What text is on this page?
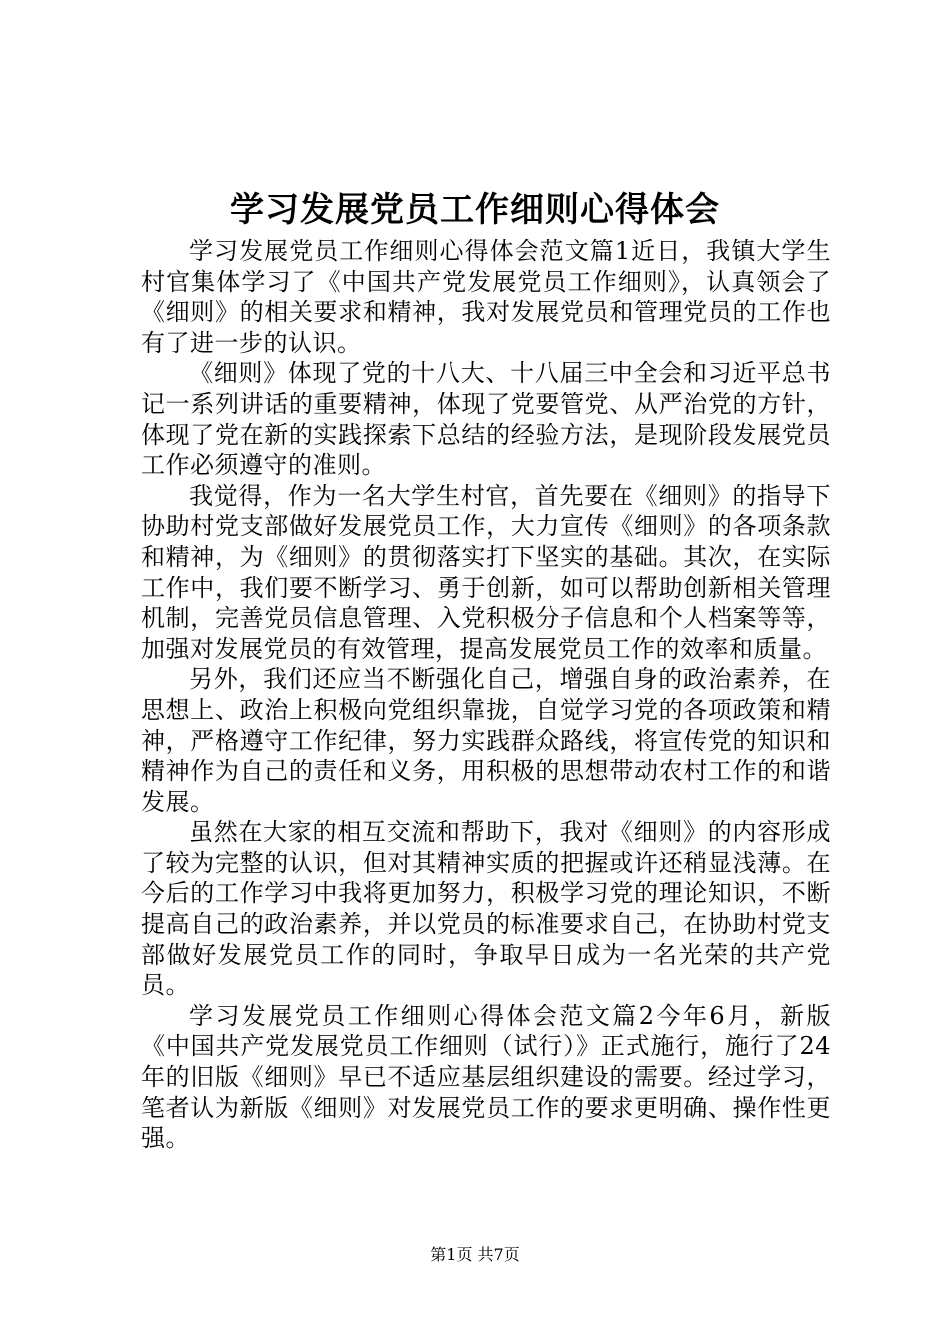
学习发展党员工作细则心得体会

学习发展党员工作细则心得体会范文篇1近日，我镇大学生村官集体学习了《中国共产党发展党员工作细则》，认真领会了《细则》的相关要求和精神，我对发展党员和管理党员的工作也有了进一步的认识。

《细则》体现了党的十八大、十八届三中全会和习近平总书记一系列讲话的重要精神，体现了党要管党、从严治党的方针，体现了党在新的实践探索下总结的经验方法，是现阶段发展党员工作必须遵守的准则。

我觉得，作为一名大学生村官，首先要在《细则》的指导下协助村党支部做好发展党员工作，大力宣传《细则》的各项条款和精神，为《细则》的贯彻落实打下坚实的基础。其次，在实际工作中，我们要不断学习、勇于创新，如可以帮助创新相关管理机制，完善党员信息管理、入党积极分子信息和个人档案等等，加强对发展党员的有效管理，提高发展党员工作的效率和质量。

另外，我们还应当不断强化自己，增强自身的政治素养，在思想上、政治上积极向党组织靠拢，自觉学习党的各项政策和精神，严格遵守工作纪律，努力实践群众路线，将宣传党的知识和精神作为自己的责任和义务，用积极的思想带动农村工作的和谐发展。

虽然在大家的相互交流和帮助下，我对《细则》的内容形成了较为完整的认识，但对其精神实质的把握或许还稍显浅薄。在今后的工作学习中我将更加努力，积极学习党的理论知识，不断提高自己的政治素养，并以党员的标准要求自己，在协助村党支部做好发展党员工作的同时，争取早日成为一名光荣的共产党员。

学习发展党员工作细则心得体会范文篇2今年6月，新版《中国共产党发展党员工作细则（试行）》正式施行，施行了24年的旧版《细则》早已不适应基层组织建设的需要。经过学习，笔者认为新版《细则》对发展党员工作的要求更明确、操作性更强。

第1页 共7页
